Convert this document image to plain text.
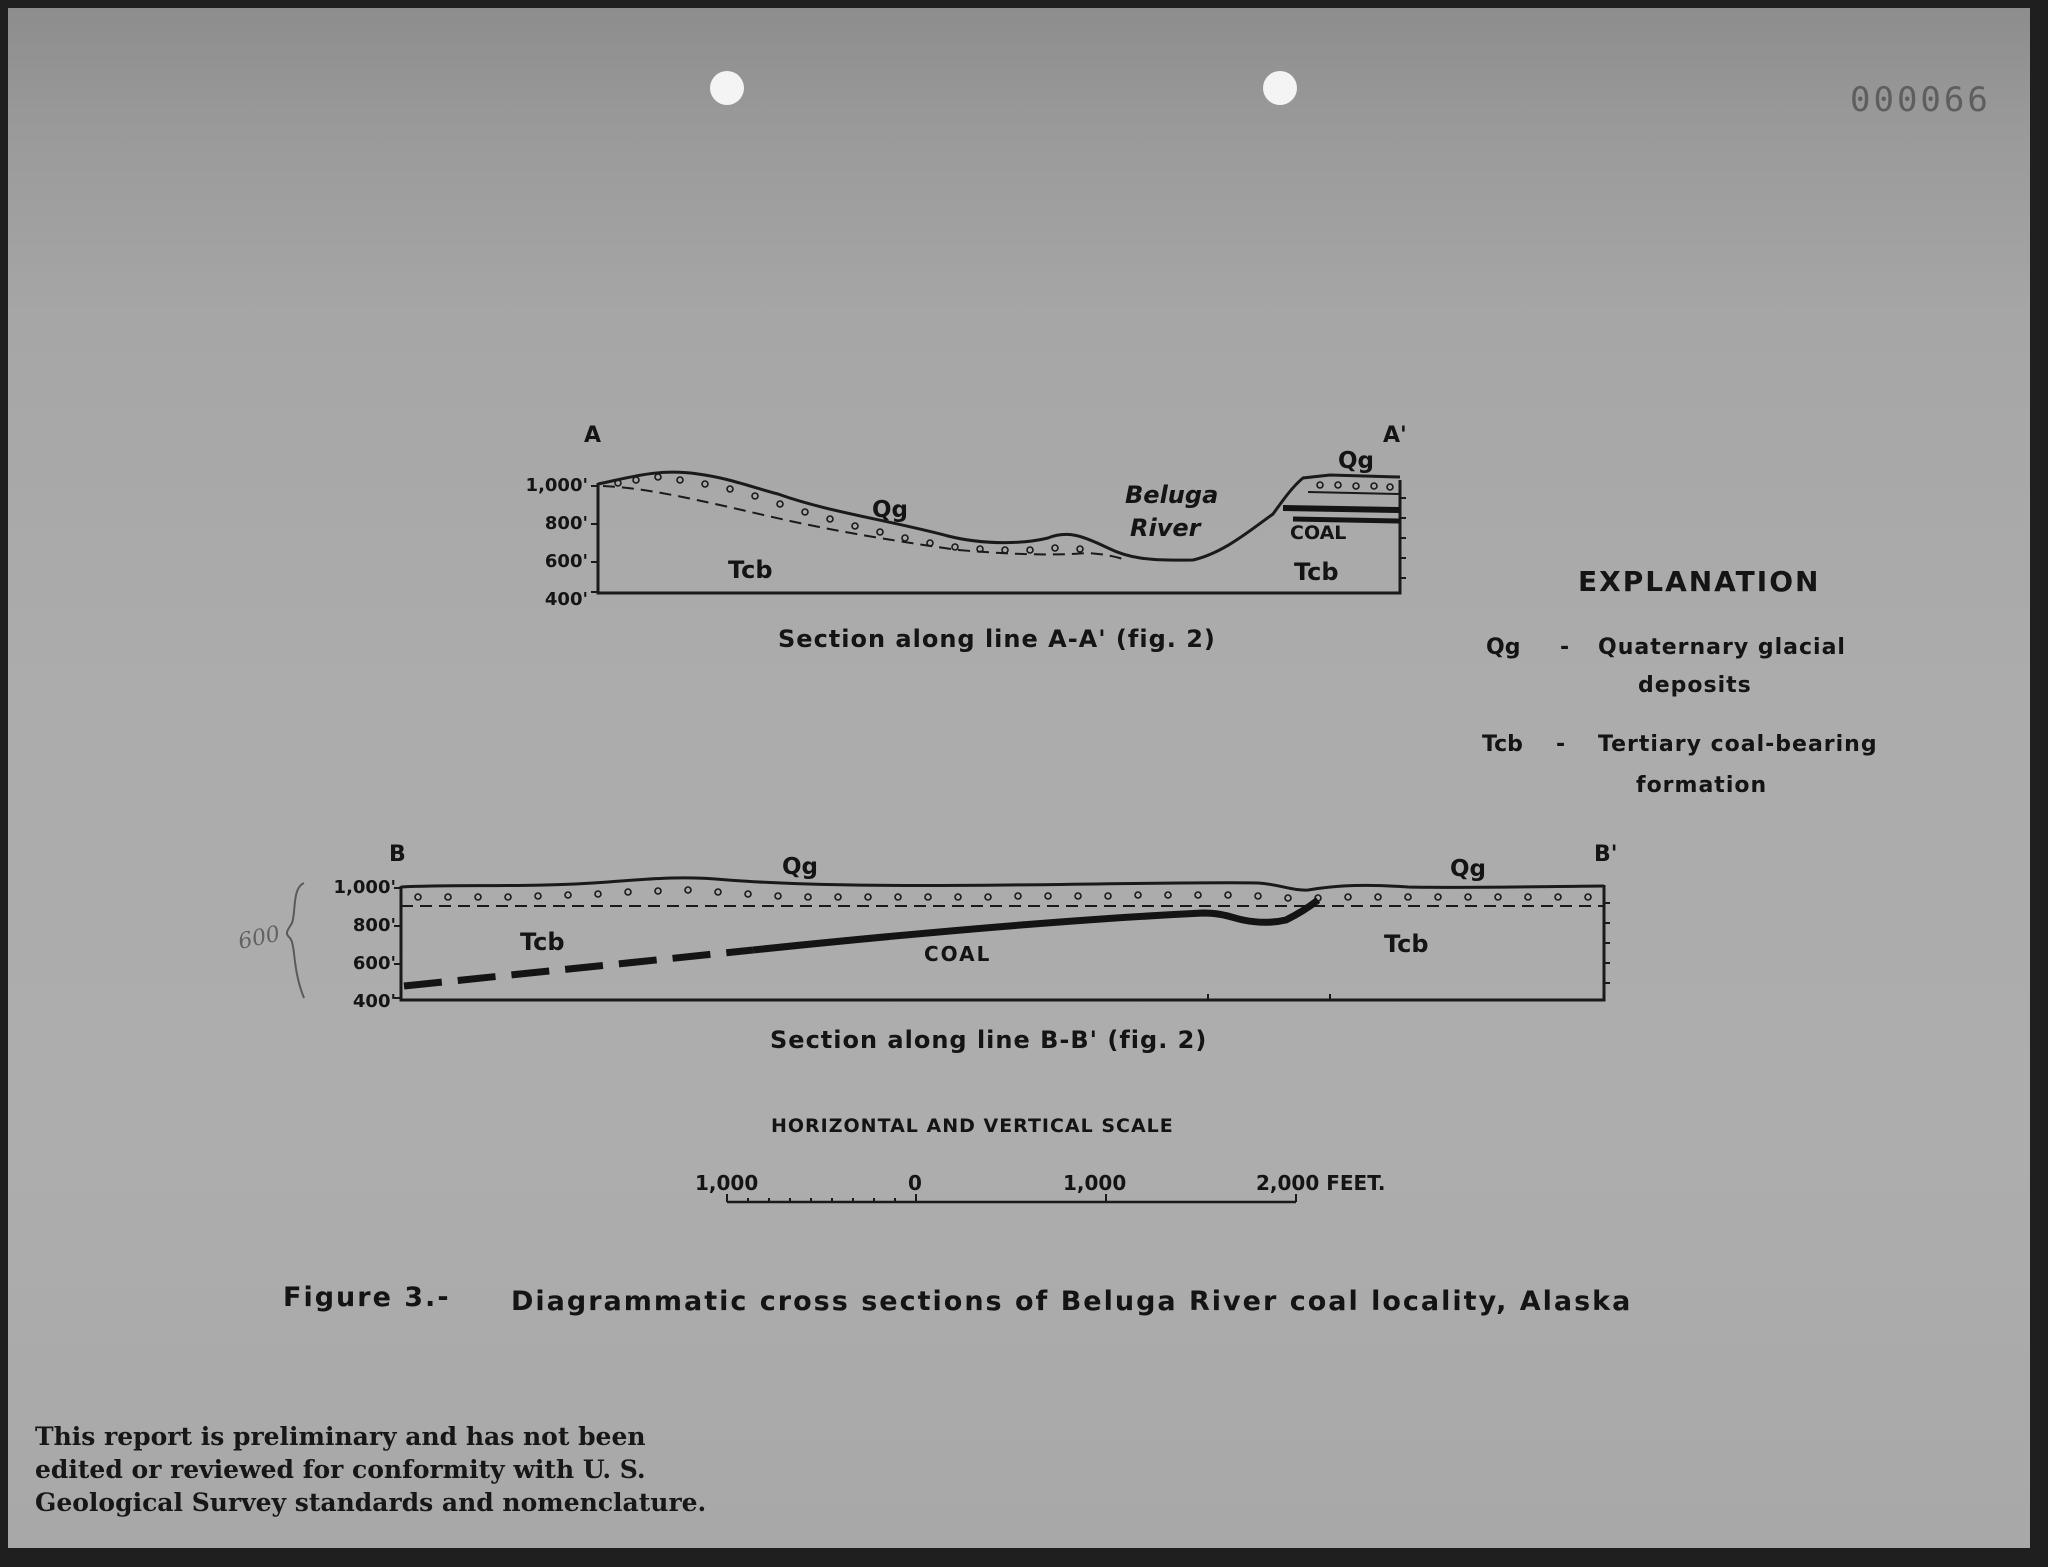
000066
A	A'
1,000'
800'
600'
400'
Qg
Qg
Tcb	Tcb
Beluga
River	COAL
Section along line A-A' (fig. 2)
EXPLANATION
Qg - Quaternary glacial
deposits
Tcb - Tertiary coal-bearing
formation
B	B'
1,000'
800'
600'
400'
600
Qg	Qg
Tcb	Tcb
COAL
Section along line B-B' (fig. 2)
HORIZONTAL AND VERTICAL SCALE
1,000	0	1,000	2,000 FEET.
Figure 3.- Diagrammatic cross sections of Beluga River coal locality, Alaska
This report is preliminary and has not been
edited or reviewed for conformity with U. S.
Geological Survey standards and nomenclature.
